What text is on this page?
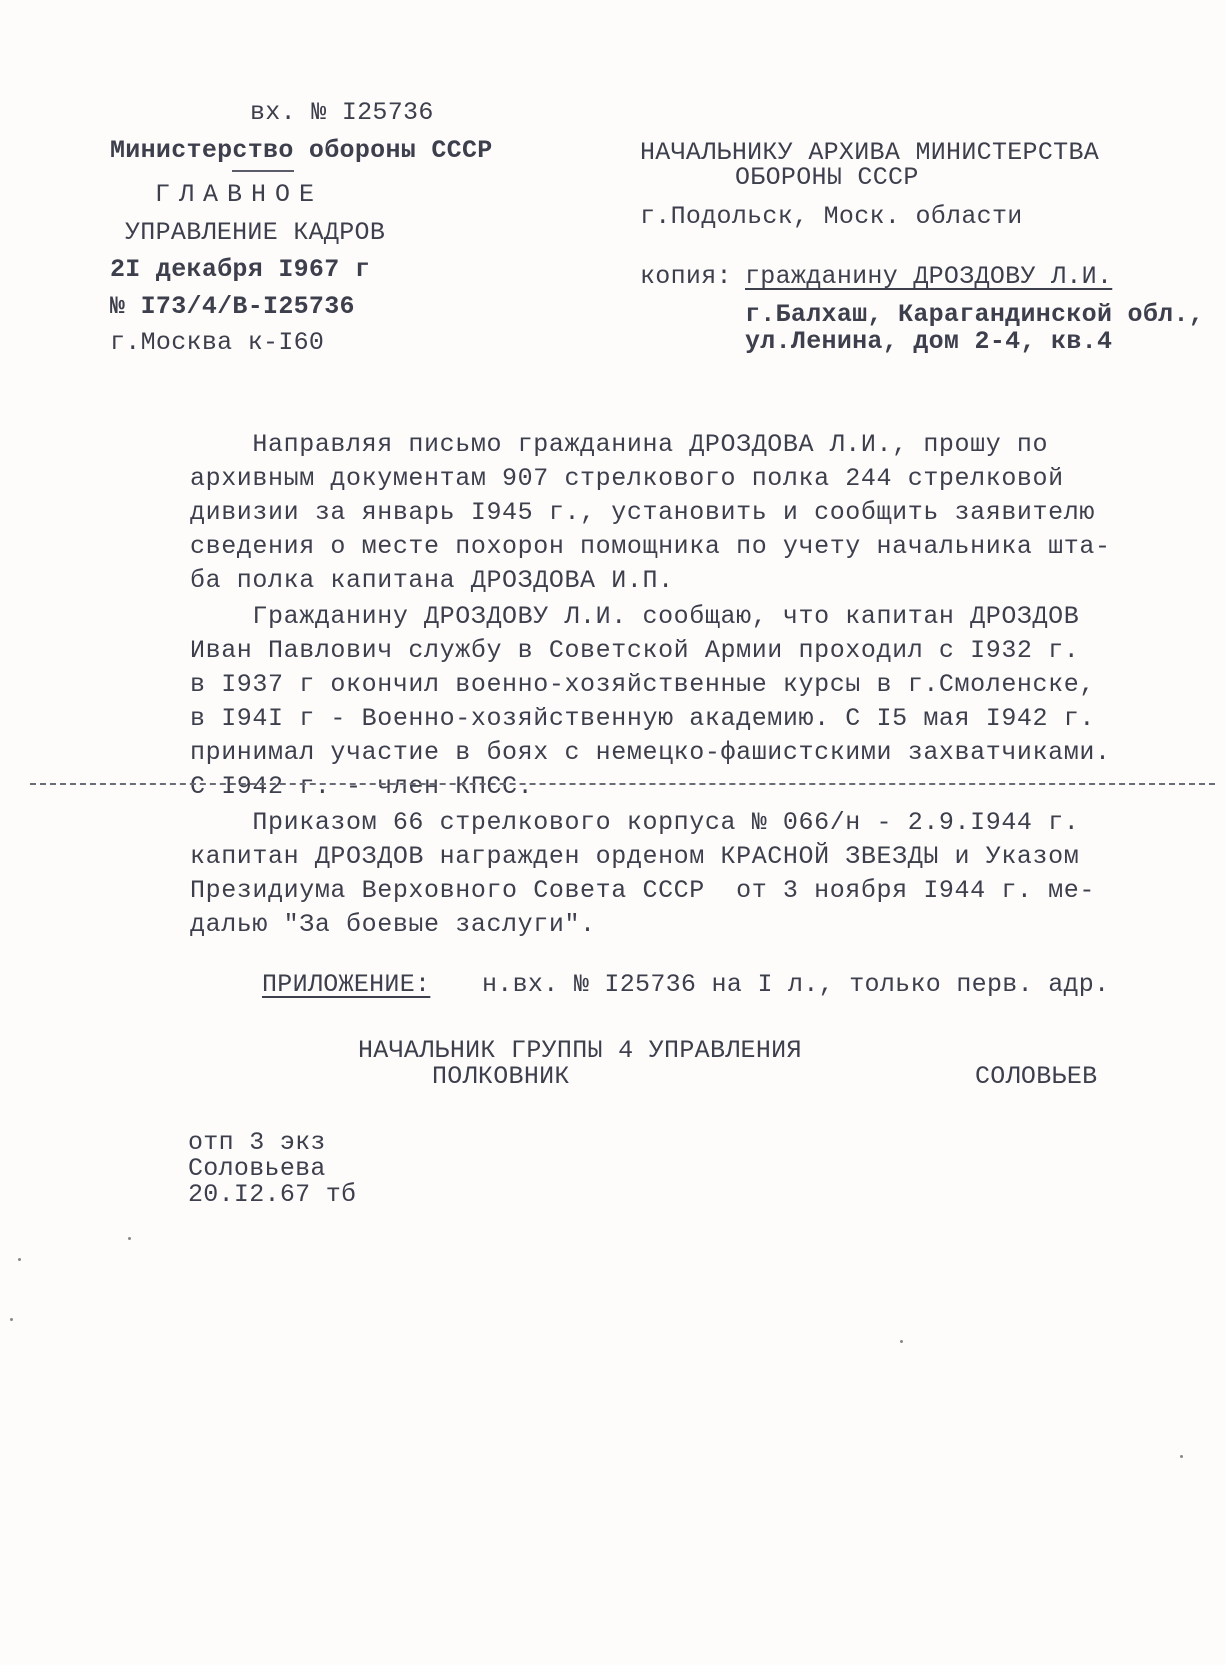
вх. № I25736
Министерство обороны СССР
ГЛАВНОЕ
УПРАВЛЕНИЕ КАДРОВ
2I декабря I967 г
№ I73/4/В-I25736
г.Москва к-I60
НАЧАЛЬНИКУ АРХИВА МИНИСТЕРСТВА
ОБОРОНЫ СССР
г.Подольск, Моск. области
копия: гражданину ДРОЗДОВУ Л.И.
г.Балхаш, Карагандинской обл.,
ул.Ленина, дом 2-4, кв.4
Направляя письмо гражданина ДРОЗДОВА Л.И., прошу по
архивным документам 907 стрелкового полка 244 стрелковой
дивизии за январь I945 г., установить и сообщить заявителю
сведения о месте похорон помощника по учету начальника шта-
ба полка капитана ДРОЗДОВА И.П.
Гражданину ДРОЗДОВУ Л.И. сообщаю, что капитан ДРОЗДОВ
Иван Павлович службу в Советской Армии проходил с I932 г.
в I937 г окончил военно-хозяйственные курсы в г.Смоленске,
в I94I г - Военно-хозяйственную академию. С I5 мая I942 г.
принимал участие в боях с немецко-фашистскими захватчиками.
С I942 г. - член КПСС.
Приказом 66 стрелкового корпуса № 066/н - 2.9.I944 г.
капитан ДРОЗДОВ награжден орденом КРАСНОЙ ЗВЕЗДЫ и Указом
Президиума Верховного Совета СССР  от 3 ноября I944 г. ме-
далью "За боевые заслуги".
ПРИЛОЖЕНИЕ: н.вх. № I25736 на I л., только перв. адр.
НАЧАЛЬНИК ГРУППЫ 4 УПРАВЛЕНИЯ
ПОЛКОВНИК	СОЛОВЬЕВ
отп 3 экз
Соловьева
20.I2.67 тб
